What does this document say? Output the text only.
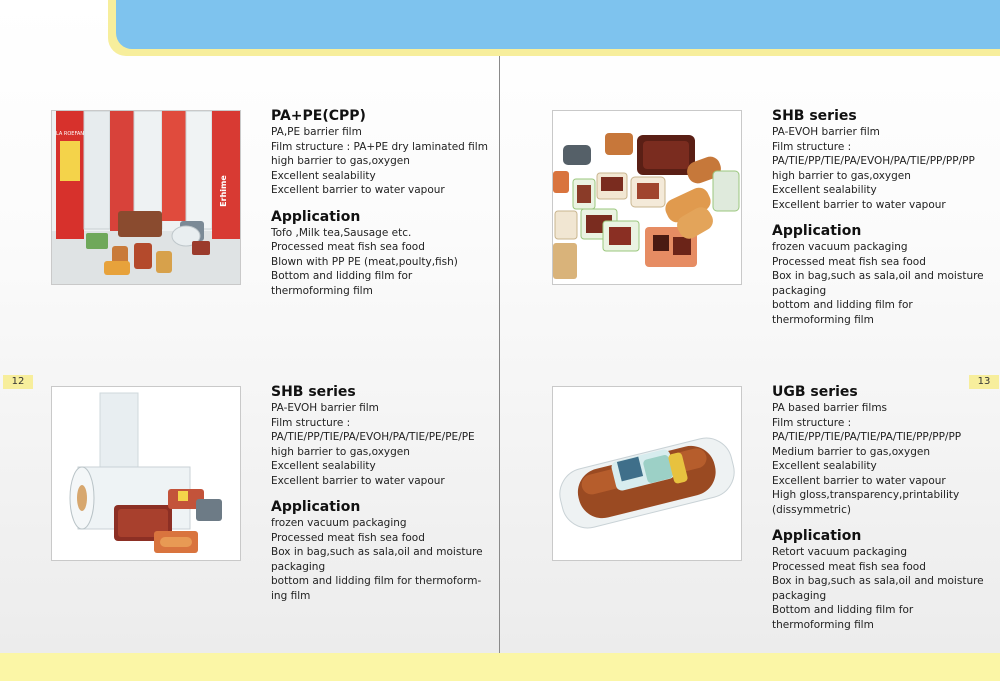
12	13
LA ROEFAN
Erhime
PA+PE(CPP)
PA,PE barrier film
Film structure : PA+PE dry laminated film
high barrier to gas,oxygen
Excellent sealability
Excellent barrier to water vapour
Application
Tofo ,Milk tea,Sausage etc.
Processed meat fish sea food
Blown with PP PE (meat,poulty,fish)
Bottom and lidding film for
thermoforming film
SHB series
PA-EVOH barrier film
Film structure :
PA/TIE/PP/TIE/PA/EVOH/PA/TIE/PE/PE/PE
high barrier to gas,oxygen
Excellent sealability
Excellent barrier to water vapour
Application
frozen vacuum packaging
Processed meat fish sea food
Box in bag,such as sala,oil and moisture
packaging
bottom and lidding film for thermoform-
ing film
SHB series
PA-EVOH barrier film
Film structure :
PA/TIE/PP/TIE/PA/EVOH/PA/TIE/PP/PP/PP
high barrier to gas,oxygen
Excellent sealability
Excellent barrier to water vapour
Application
frozen vacuum packaging
Processed meat fish sea food
Box in bag,such as sala,oil and moisture
packaging
bottom and lidding film for
thermoforming film
UGB series
PA based barrier films
Film structure :
PA/TIE/PP/TIE/PA/TIE/PA/TIE/PP/PP/PP
Medium barrier to gas,oxygen
Excellent sealability
Excellent barrier to water vapour
High gloss,transparency,printability
(dissymmetric)
Application
Retort vacuum packaging
Processed meat fish sea food
Box in bag,such as sala,oil and moisture
packaging
Bottom and lidding film for
thermoforming film
